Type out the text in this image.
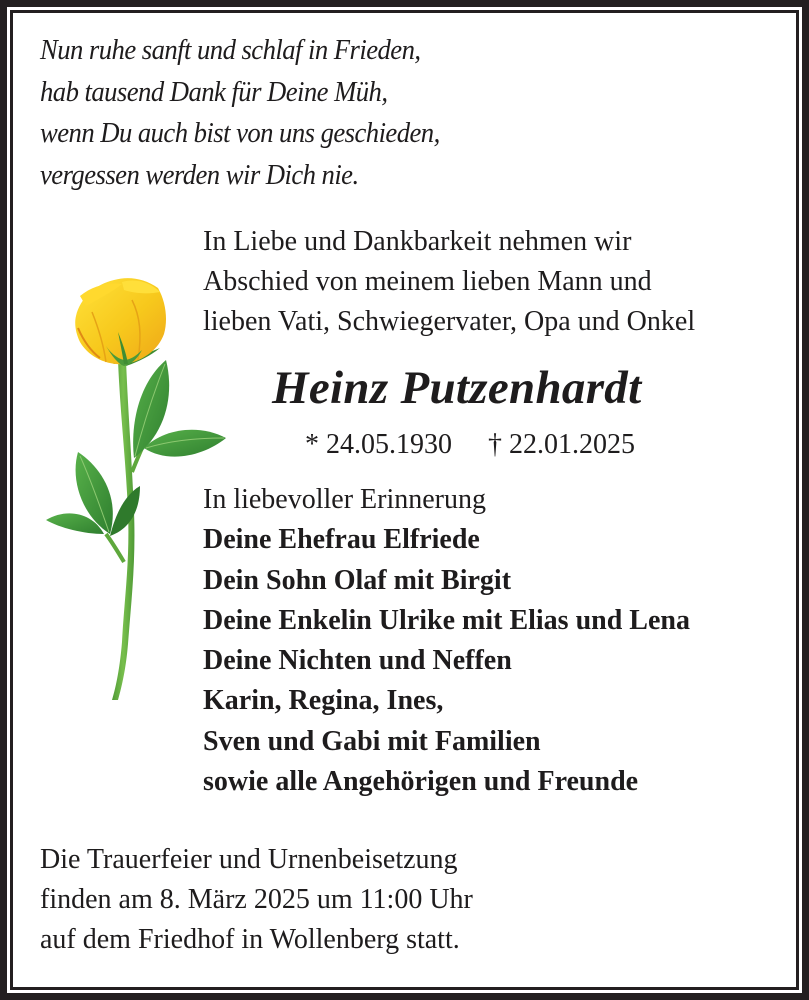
Nun ruhe sanft und schlaf in Frieden,
hab tausend Dank für Deine Müh,
wenn Du auch bist von uns geschieden,
vergessen werden wir Dich nie.
In Liebe und Dankbarkeit nehmen wir
Abschied von meinem lieben Mann und
lieben Vati, Schwiegervater, Opa und Onkel
Heinz Putzenhardt
* 24.05.1930 † 22.01.2025
In liebevoller Erinnerung
Deine Ehefrau Elfriede
Dein Sohn Olaf mit Birgit
Deine Enkelin Ulrike mit Elias und Lena
Deine Nichten und Neffen
Karin, Regina, Ines,
Sven und Gabi mit Familien
sowie alle Angehörigen und Freunde
Die Trauerfeier und Urnenbeisetzung
finden am 8. März 2025 um 11:00 Uhr
auf dem Friedhof in Wollenberg statt.
